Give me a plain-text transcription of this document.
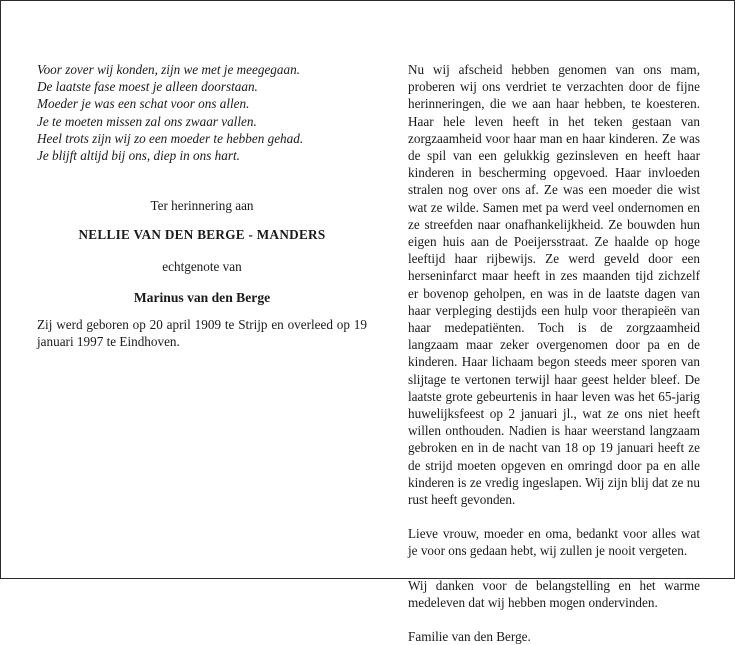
Voor zover wij konden, zijn we met je meegegaan.

De laatste fase moest je alleen doorstaan.

Moeder je was een schat voor ons allen.

Je te moeten missen zal ons zwaar vallen.

Heel trots zijn wij zo een moeder te hebben gehad.

Je blijft altijd bij ons, diep in ons hart.

Ter herinnering aan
NELLIE VAN DEN BERGE - MANDERS
echtgenote van
Marinus van den Berge
Zij werd geboren op 20 april 1909 te Strijp en overleed op 19 januari 1997 te Eindhoven.

Nu wij afscheid hebben genomen van ons mam, proberen wij ons verdriet te verzachten door de fijne herinneringen, die we aan haar hebben, te koesteren. Haar hele leven heeft in het teken gestaan van zorgzaamheid voor haar man en haar kinderen. Ze was de spil van een gelukkig gezinsleven en heeft haar kinderen in bescherming opgevoed. Haar invloeden stralen nog over ons af. Ze was een moeder die wist wat ze wilde. Samen met pa werd veel ondernomen en ze streefden naar onafhankelijkheid. Ze bouwden hun eigen huis aan de Poeijersstraat. Ze haalde op hoge leeftijd haar rijbewijs. Ze werd geveld door een herseninfarct maar heeft in zes maanden tijd zichzelf er bovenop geholpen, en was in de laatste dagen van haar verpleging destijds een hulp voor therapieën van haar medepatiënten. Toch is de zorgzaamheid langzaam maar zeker overgenomen door pa en de kinderen. Haar lichaam begon steeds meer sporen van slijtage te vertonen terwijl haar geest helder bleef. De laatste grote gebeurtenis in haar leven was het 65-jarig huwelijksfeest op 2 januari jl., wat ze ons niet heeft willen onthouden. Nadien is haar weerstand langzaam gebroken en in de nacht van 18 op 19 januari heeft ze de strijd moeten opgeven en omringd door pa en alle kinderen is ze vredig ingeslapen. Wij zijn blij dat ze nu rust heeft gevonden.

Lieve vrouw, moeder en oma, bedankt voor alles wat je voor ons gedaan hebt, wij zullen je nooit vergeten.

Wij danken voor de belangstelling en het warme medeleven dat wij hebben mogen ondervinden.

Familie van den Berge.
